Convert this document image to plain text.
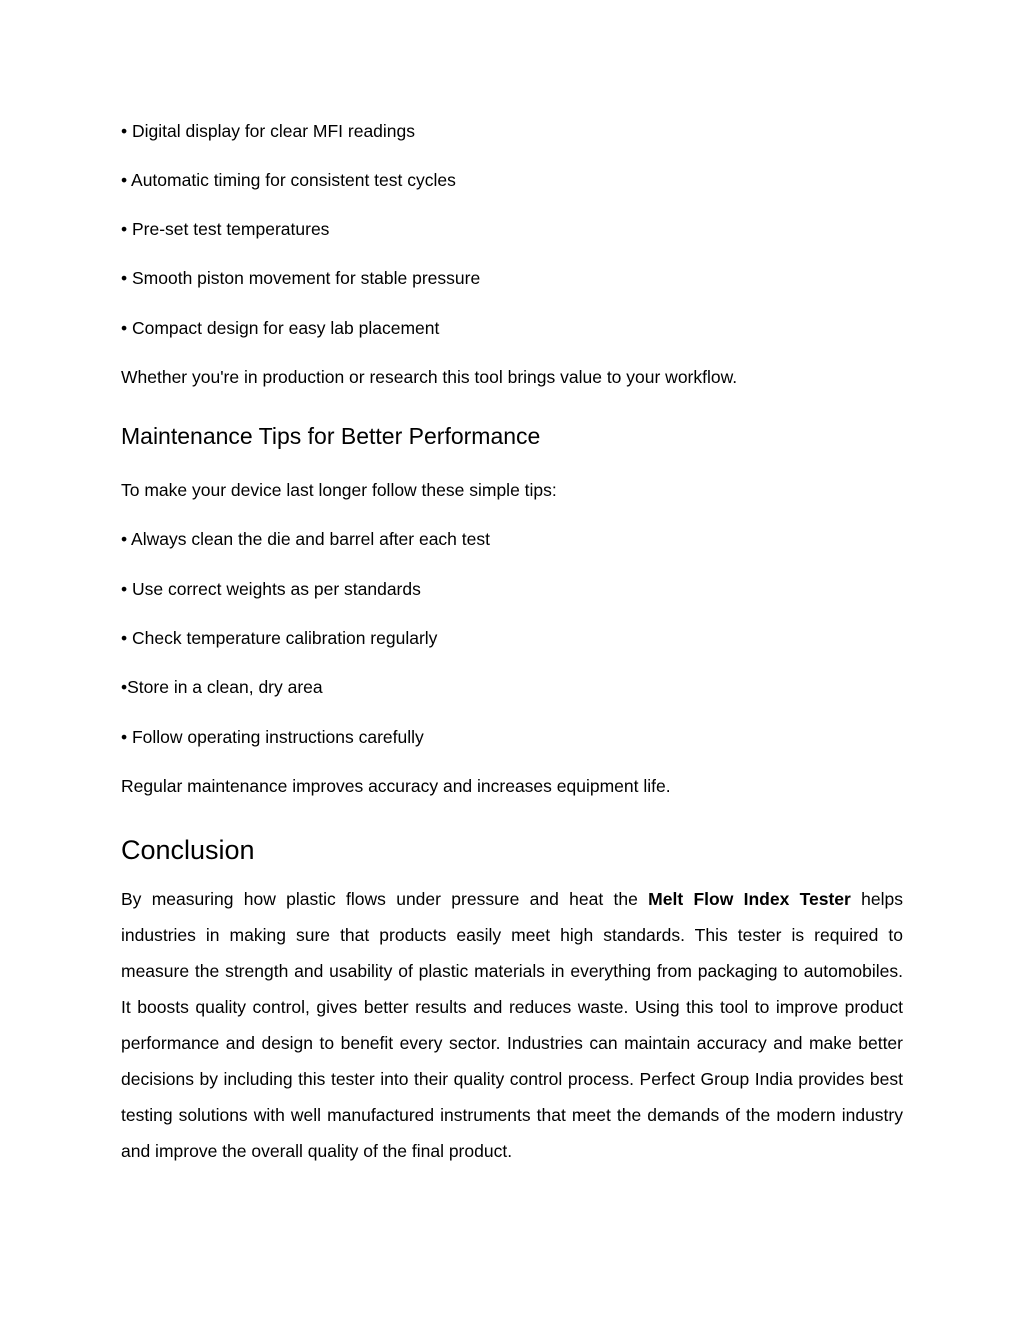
• Digital display for clear MFI readings
• Automatic timing for consistent test cycles
• Pre-set test temperatures
• Smooth piston movement for stable pressure
• Compact design for easy lab placement
Whether you're in production or research this tool brings value to your workflow.
Maintenance Tips for Better Performance
To make your device last longer follow these simple tips:
• Always clean the die and barrel after each test
• Use correct weights as per standards
• Check temperature calibration regularly
•Store in a clean, dry area
• Follow operating instructions carefully
Regular maintenance improves accuracy and increases equipment life.
Conclusion
By measuring how plastic flows under pressure and heat the Melt Flow Index Tester helps industries in making sure that products easily meet high standards. This tester is required to measure the strength and usability of plastic materials in everything from packaging to automobiles. It boosts quality control, gives better results and reduces waste. Using this tool to improve product performance and design to benefit every sector. Industries can maintain accuracy and make better decisions by including this tester into their quality control process. Perfect Group India provides best testing solutions with well manufactured instruments that meet the demands of the modern industry and improve the overall quality of the final product.
